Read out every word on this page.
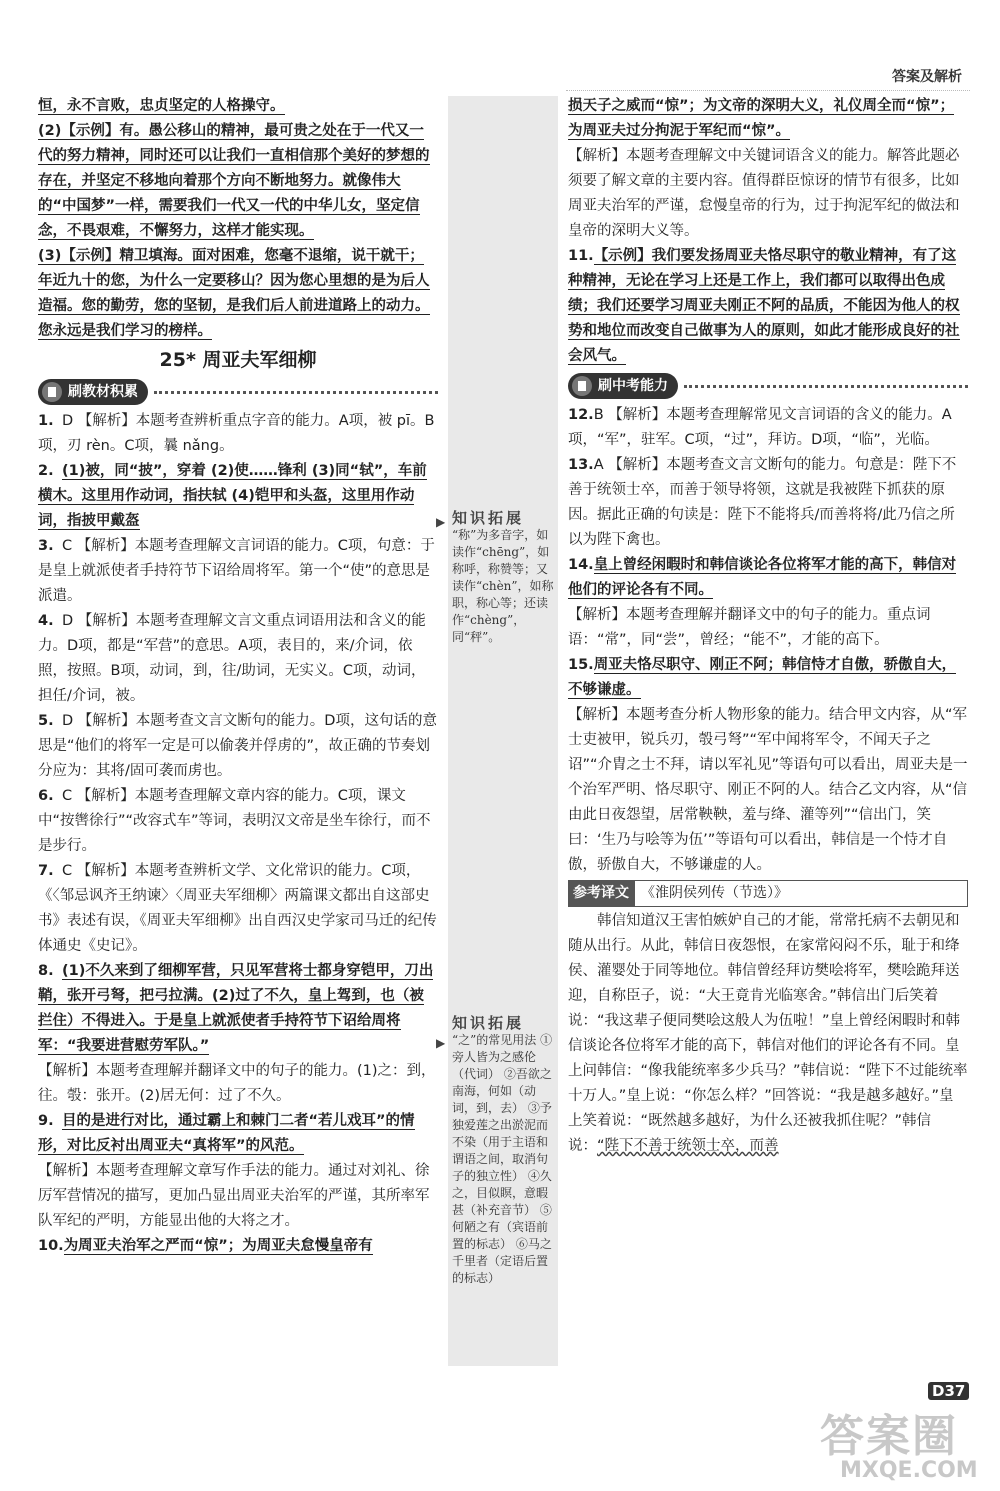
答案及解析

恒，永不言败，忠贞坚定的人格操守。

(2)【示例】有。愚公移山的精神，最可贵之处在于一代又一代的努力精神，同时还可以让我们一直相信那个美好的梦想的存在，并坚定不移地向着那个方向不断地努力。就像伟大的“中国梦”一样，需要我们一代又一代的中华儿女，坚定信念，不畏艰难，不懈努力，这样才能实现。

(3)【示例】精卫填海。面对困难，您毫不退缩，说干就干；年近九十的您，为什么一定要移山？因为您心里想的是为后人造福。您的勤劳，您的坚韧，是我们后人前进道路上的动力。您永远是我们学习的榜样。

25* 周亚夫军细柳
刷教材积累

1. D 【解析】本题考查辨析重点字音的能力。A项，被 pī。B项，刃 rèn。C项，曩 nǎng。

2. (1)被，同“披”，穿着 (2)使……锋利 (3)同“轼”，车前横木。这里用作动词，指扶轼 (4)铠甲和头盔，这里用作动词，指披甲戴盔

3. C 【解析】本题考查理解文言词语的能力。C项，句意：于是皇上就派使者手持符节下诏给周将军。第一个“使”的意思是派遣。

4. D 【解析】本题考查理解文言文重点词语用法和含义的能力。D项，都是“军营”的意思。A项，表目的，来/介词，依照，按照。B项，动词，到，往/助词，无实义。C项，动词，担任/介词，被。

5. D 【解析】本题考查文言文断句的能力。D项，这句话的意思是“他们的将军一定是可以偷袭并俘虏的”，故正确的节奏划分应为：其将/固可袭而虏也。

6. C 【解析】本题考查理解文章内容的能力。C项，课文中“按辔徐行”“改容式车”等词，表明汉文帝是坐车徐行，而不是步行。

7. C 【解析】本题考查辨析文学、文化常识的能力。C项，《〈邹忌讽齐王纳谏〉〈周亚夫军细柳〉两篇课文都出自这部史书》表述有误，《周亚夫军细柳》出自西汉史学家司马迁的纪传体通史《史记》。

8. (1)不久来到了细柳军营，只见军营将士都身穿铠甲，刀出鞘，张开弓弩，把弓拉满。(2)过了不久，皇上驾到，也（被拦住）不得进入。于是皇上就派使者手持符节下诏给周将军：“我要进营慰劳军队。”

【解析】本题考查理解并翻译文中的句子的能力。(1)之：到，往。彀：张开。(2)居无何：过了不久。

9. 目的是进行对比，通过霸上和棘门二者“若儿戏耳”的情形，对比反衬出周亚夫“真将军”的风范。

【解析】本题考查理解文章写作手法的能力。通过对刘礼、徐厉军营情况的描写，更加凸显出周亚夫治军的严谨，其所率军队军纪的严明，方能显出他的大将之才。

10.为周亚夫治军之严而“惊”；为周亚夫怠慢皇帝有

知识拓展
“称”为多音字，如读作“chēng”，如称呼，称赞等；又读作“chèn”，如称职，称心等；还读作“chèng”，同“秤”。
知识拓展
“之”的常见用法 ①旁人皆为之感伦（代词） ②吾欲之南海，何如（动词，到，去） ③予独爱莲之出淤泥而不染（用于主语和谓语之间，取消句子的独立性） ④久之，目似瞑，意暇甚（补充音节） ⑤何陋之有（宾语前置的标志） ⑥马之千里者（定语后置的标志）
▶
▶

损天子之威而“惊”；为文帝的深明大义，礼仪周全而“惊”；为周亚夫过分拘泥于军纪而“惊”。

【解析】本题考查理解文中关键词语含义的能力。解答此题必须要了解文章的主要内容。值得群臣惊讶的情节有很多，比如周亚夫治军的严谨，怠慢皇帝的行为，过于拘泥军纪的做法和皇帝的深明大义等。

11.【示例】我们要发扬周亚夫恪尽职守的敬业精神，有了这种精神，无论在学习上还是工作上，我们都可以取得出色成绩；我们还要学习周亚夫刚正不阿的品质，不能因为他人的权势和地位而改变自己做事为人的原则，如此才能形成良好的社会风气。

刷中考能力

12.B 【解析】本题考查理解常见文言词语的含义的能力。A项，“军”，驻军。C项，“过”，拜访。D项，“临”，光临。

13.A 【解析】本题考查文言文断句的能力。句意是：陛下不善于统领士卒，而善于领导将领，这就是我被陛下抓获的原因。据此正确的句读是：陛下不能将兵/而善将将/此乃信之所以为陛下禽也。

14.皇上曾经闲暇时和韩信谈论各位将军才能的高下，韩信对他们的评论各有不同。

【解析】本题考查理解并翻译文中的句子的能力。重点词语：“常”，同“尝”，曾经；“能不”，才能的高下。

15.周亚夫恪尽职守、刚正不阿；韩信恃才自傲，骄傲自大，不够谦虚。

【解析】本题考查分析人物形象的能力。结合甲文内容，从“军士吏被甲，锐兵刃，彀弓弩”“军中闻将军令，不闻天子之诏”“介胄之士不拜，请以军礼见”等语句可以看出，周亚夫是一个治军严明、恪尽职守、刚正不阿的人。结合乙文内容，从“信由此日夜怨望，居常鞅鞅，羞与绛、灌等列”“信出门，笑曰：‘生乃与哙等为伍’”等语句可以看出，韩信是一个恃才自傲，骄傲自大，不够谦虚的人。

参考译文 《淮阴侯列传（节选）》

韩信知道汉王害怕嫉妒自己的才能，常常托病不去朝见和随从出行。从此，韩信日夜怨恨，在家常闷闷不乐，耻于和绛侯、灌婴处于同等地位。韩信曾经拜访樊哙将军，樊哙跪拜送迎，自称臣子，说：“大王竟肯光临寒舍。”韩信出门后笑着说：“我这辈子便同樊哙这般人为伍啦！”皇上曾经闲暇时和韩信谈论各位将军才能的高下，韩信对他们的评论各有不同。皇上问韩信：“像我能统率多少兵马？”韩信说：“陛下不过能统率十万人。”皇上说：“你怎么样？”回答说：“我是越多越好。”皇上笑着说：“既然越多越好，为什么还被我抓住呢？”韩信说：“陛下不善于统领士卒，而善

D37
答案圈
MXQE.COM
